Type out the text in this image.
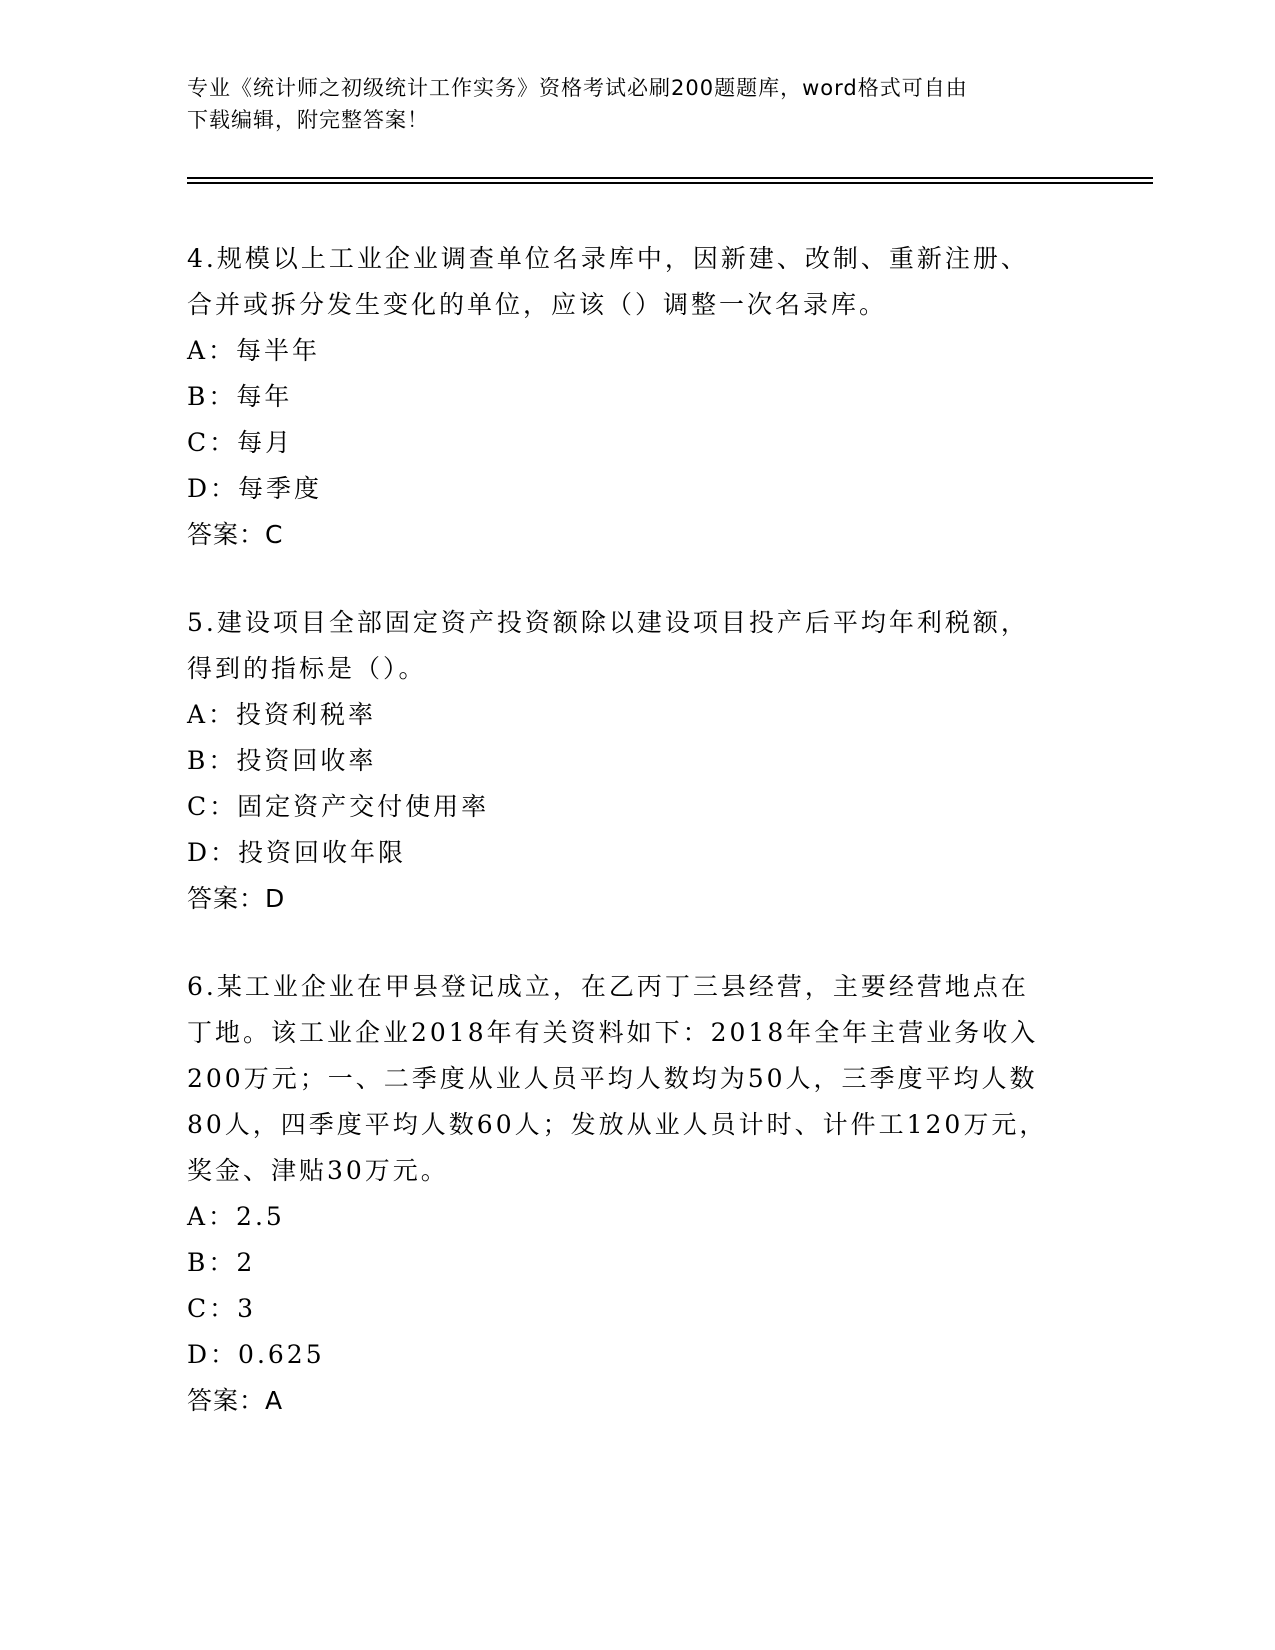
专业《统计师之初级统计工作实务》资格考试必刷200题题库，word格式可自由
下载编辑，附完整答案！
4.规模以上工业企业调查单位名录库中，因新建、改制、重新注册、
合并或拆分发生变化的单位，应该（）调整一次名录库。
A：每半年
B：每年
C：每月
D：每季度
答案：C
5.建设项目全部固定资产投资额除以建设项目投产后平均年利税额，
得到的指标是（）。
A：投资利税率
B：投资回收率
C：固定资产交付使用率
D：投资回收年限
答案：D
6.某工业企业在甲县登记成立，在乙丙丁三县经营，主要经营地点在
丁地。该工业企业2018年有关资料如下：2018年全年主营业务收入
200万元；一、二季度从业人员平均人数均为50人，三季度平均人数
80人，四季度平均人数60人；发放从业人员计时、计件工120万元，
奖金、津贴30万元。
A：2.5
B：2
C：3
D：0.625
答案：A
